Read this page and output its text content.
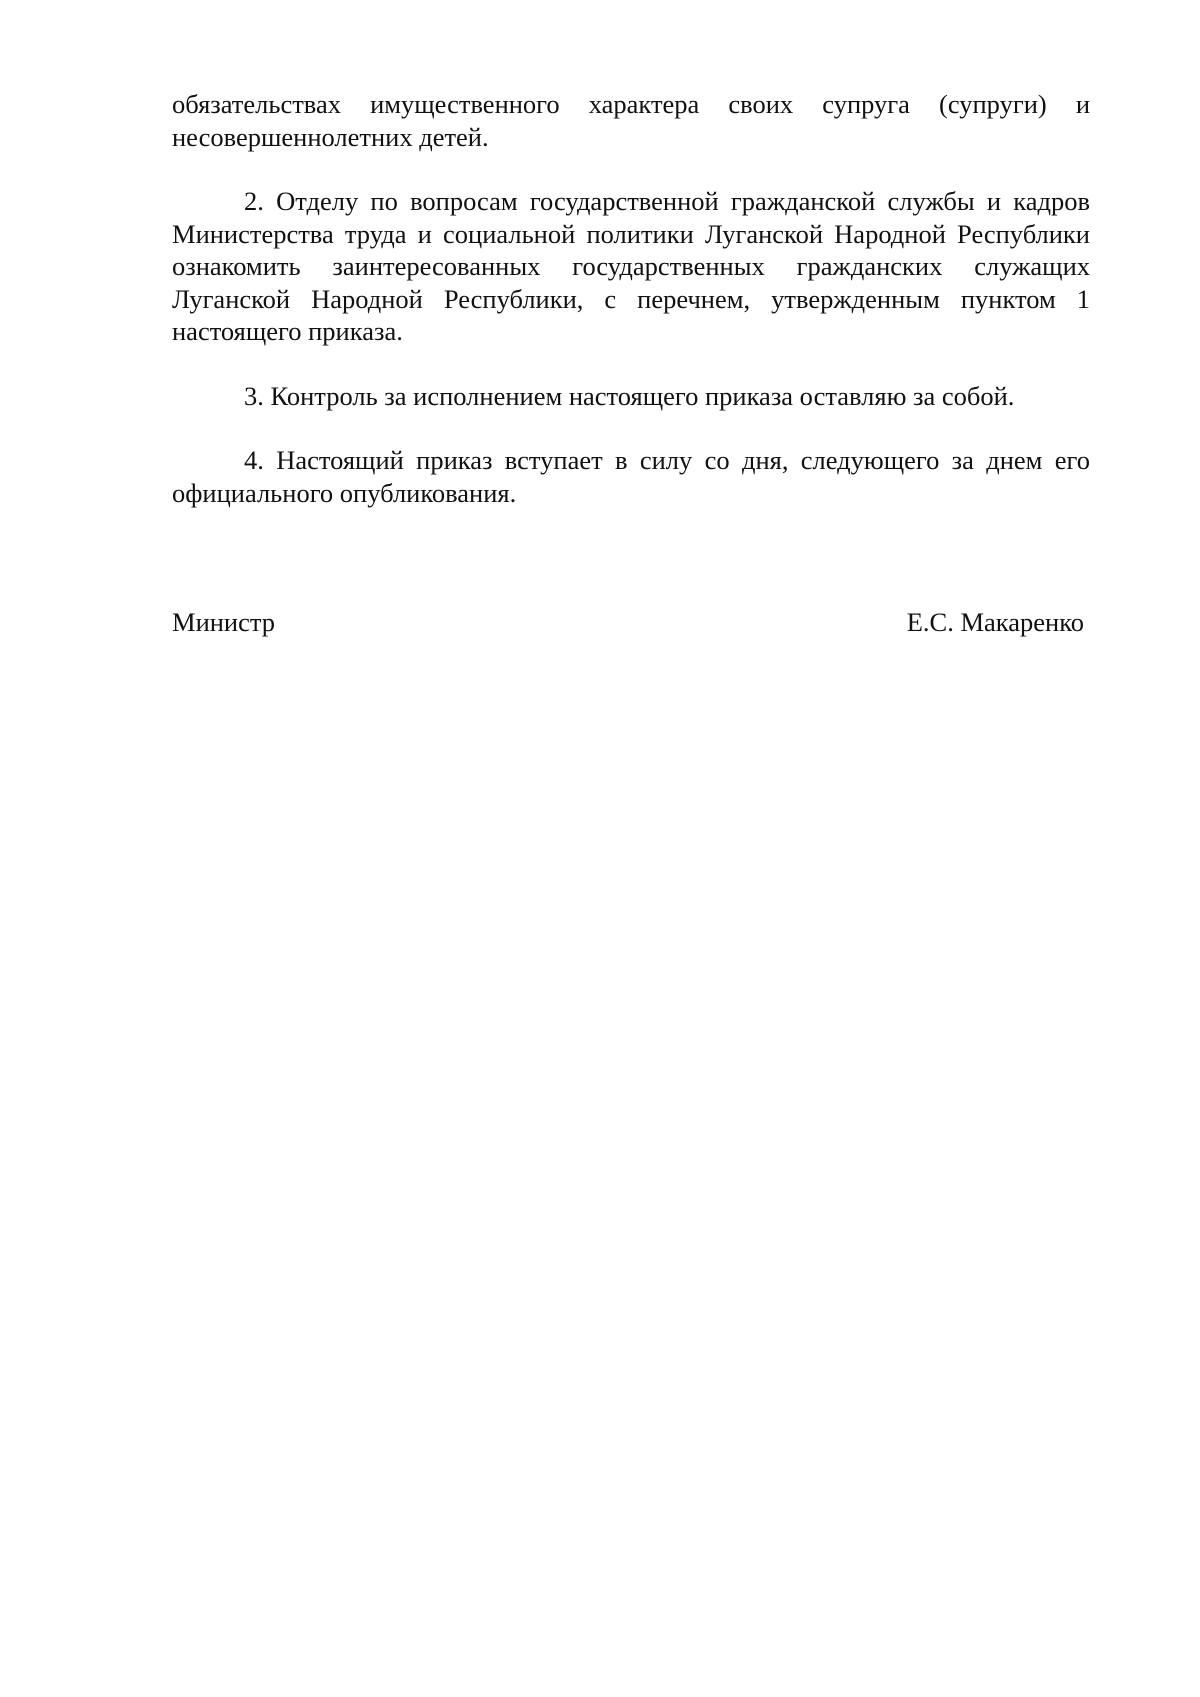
обязательствах имущественного характера своих супруга (супруги) и несовершеннолетних детей.

2. Отделу по вопросам государственной гражданской службы и кадров Министерства труда и социальной политики Луганской Народной Республики ознакомить заинтересованных государственных гражданских служащих Луганской Народной Республики, с перечнем, утвержденным пунктом 1 настоящего приказа.

3. Контроль за исполнением настоящего приказа оставляю за собой.

4. Настоящий приказ вступает в силу со дня, следующего за днем его официального опубликования.

Министр	Е.С. Макаренко
